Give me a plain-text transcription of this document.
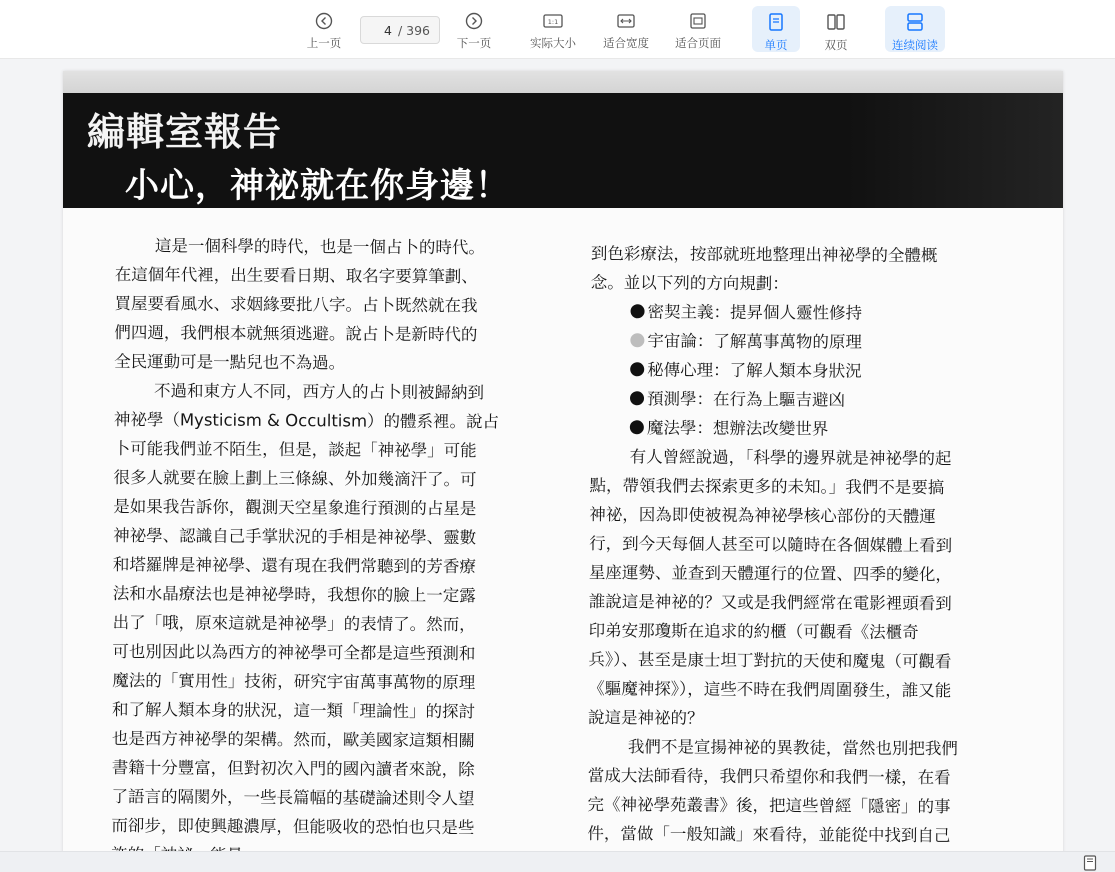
上一页
4
/ 396
下一页
1:1
实际大小 适合宽度 适合页面	单页	双页	连续阅读
編輯室報告
小心，神祕就在你身邊！

這是一個科學的時代，也是一個占卜的時代。

在這個年代裡，出生要看日期、取名字要算筆劃、

買屋要看風水、求姻緣要批八字。占卜既然就在我

們四週，我們根本就無須逃避。說占卜是新時代的

全民運動可是一點兒也不為過。

不過和東方人不同，西方人的占卜則被歸納到

神祕學（Mysticism & Occultism）的體系裡。說占

卜可能我們並不陌生，但是，談起「神祕學」可能

很多人就要在臉上劃上三條線、外加幾滴汗了。可

是如果我告訴你，觀測天空星象進行預測的占星是

神祕學、認識自己手掌狀況的手相是神祕學、靈數

和塔羅牌是神祕學、還有現在我們常聽到的芳香療

法和水晶療法也是神祕學時，我想你的臉上一定露

出了「哦，原來這就是神祕學」的表情了。然而，

可也別因此以為西方的神祕學可全都是這些預測和

魔法的「實用性」技術，研究宇宙萬事萬物的原理

和了解人類本身的狀況，這一類「理論性」的探討

也是西方神祕學的架構。然而，歐美國家這類相關

書籍十分豐富，但對初次入門的國內讀者來說，除

了語言的隔閡外，一些長篇幅的基礎論述則令人望

而卻步，即使興趣濃厚，但能吸收的恐怕也只是些

到色彩療法，按部就班地整理出神祕學的全體概

念。並以下列的方向規劃：

密契主義：提昇個人靈性修持

宇宙論：了解萬事萬物的原理

秘傳心理：了解人類本身狀況

預測學：在行為上驅吉避凶

魔法學：想辦法改變世界

有人曾經說過，「科學的邊界就是神祕學的起

點，帶領我們去探索更多的未知。」我們不是要搞

神祕，因為即使被視為神祕學核心部份的天體運

行，到今天每個人甚至可以隨時在各個媒體上看到

星座運勢、並查到天體運行的位置、四季的變化，

誰說這是神祕的？又或是我們經常在電影裡頭看到

印弟安那瓊斯在追求的約櫃（可觀看《法櫃奇

兵》）、甚至是康士坦丁對抗的天使和魔鬼（可觀看

《驅魔神探》），這些不時在我們周圍發生，誰又能

說這是神祕的？

我們不是宣揚神祕的異教徒，當然也別把我們

當成大法師看待，我們只希望你和我們一樣，在看

完《神祕學苑叢書》後，把這些曾經「隱密」的事

件，當做「一般知識」來看待，並能從中找到自己
